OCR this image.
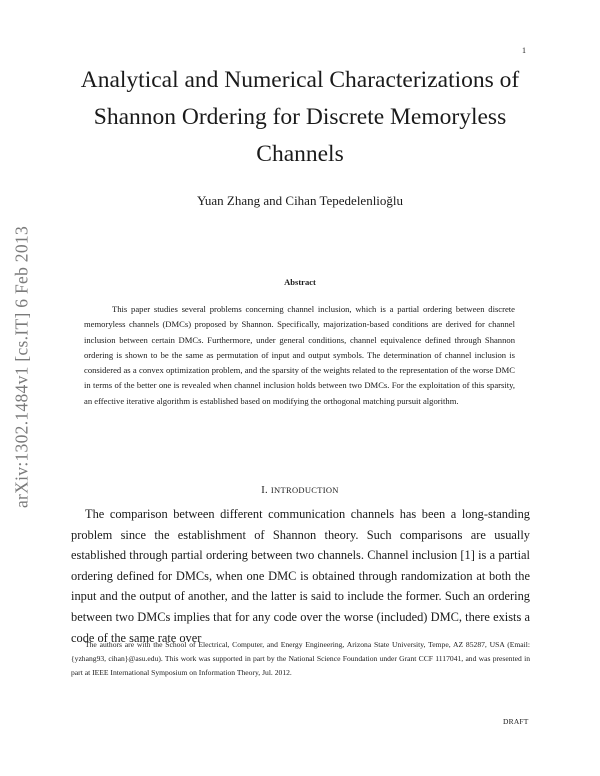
1
arXiv:1302.1484v1 [cs.IT] 6 Feb 2013
Analytical and Numerical Characterizations of Shannon Ordering for Discrete Memoryless Channels
Yuan Zhang and Cihan Tepedelenlioğlu
Abstract

This paper studies several problems concerning channel inclusion, which is a partial ordering between discrete memoryless channels (DMCs) proposed by Shannon. Specifically, majorization-based conditions are derived for channel inclusion between certain DMCs. Furthermore, under general conditions, channel equivalence defined through Shannon ordering is shown to be the same as permutation of input and output symbols. The determination of channel inclusion is considered as a convex optimization problem, and the sparsity of the weights related to the representation of the worse DMC in terms of the better one is revealed when channel inclusion holds between two DMCs. For the exploitation of this sparsity, an effective iterative algorithm is established based on modifying the orthogonal matching pursuit algorithm.

I. INTRODUCTION

The comparison between different communication channels has been a long-standing problem since the establishment of Shannon theory. Such comparisons are usually established through partial ordering between two channels. Channel inclusion [1] is a partial ordering defined for DMCs, when one DMC is obtained through randomization at both the input and the output of another, and the latter is said to include the former. Such an ordering between two DMCs implies that for any code over the worse (included) DMC, there exists a code of the same rate over

The authors are with the School of Electrical, Computer, and Energy Engineering, Arizona State University, Tempe, AZ 85287, USA (Email: {yzhang93, cihan}@asu.edu). This work was supported in part by the National Science Foundation under Grant CCF 1117041, and was presented in part at IEEE International Symposium on Information Theory, Jul. 2012.

DRAFT
